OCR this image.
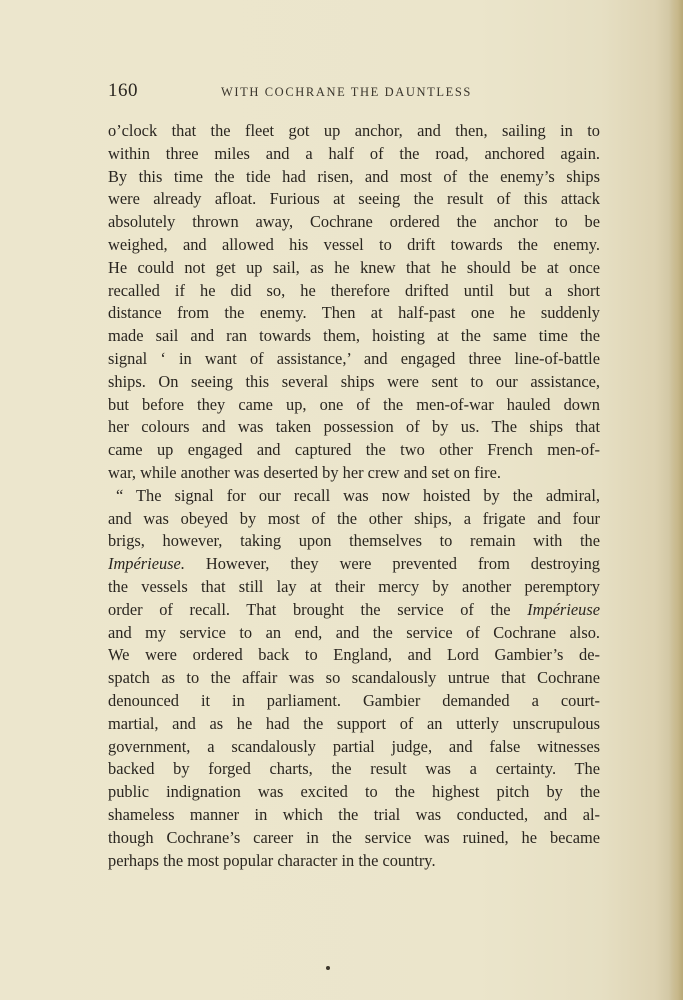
160	WITH COCHRANE THE DAUNTLESS
o’clock that the fleet got up anchor, and then, sailing in to
within three miles and a half of the road, anchored again.
By this time the tide had risen, and most of the enemy’s ships
were already afloat. Furious at seeing the result of this attack
absolutely thrown away, Cochrane ordered the anchor to be
weighed, and allowed his vessel to drift towards the enemy.
He could not get up sail, as he knew that he should be at once
recalled if he did so, he therefore drifted until but a short
distance from the enemy. Then at half-past one he suddenly
made sail and ran towards them, hoisting at the same time the
signal ‘ in want of assistance,’ and engaged three line-of-battle
ships. On seeing this several ships were sent to our assistance,
but before they came up, one of the men-of-war hauled down
her colours and was taken possession of by us. The ships that
came up engaged and captured the two other French men-of-
war, while another was deserted by her crew and set on fire.
“ The signal for our recall was now hoisted by the admiral,
and was obeyed by most of the other ships, a frigate and four
brigs, however, taking upon themselves to remain with the
Impérieuse. However, they were prevented from destroying
the vessels that still lay at their mercy by another peremptory
order of recall. That brought the service of the Impérieuse
and my service to an end, and the service of Cochrane also.
We were ordered back to England, and Lord Gambier’s de-
spatch as to the affair was so scandalously untrue that Cochrane
denounced it in parliament. Gambier demanded a court-
martial, and as he had the support of an utterly unscrupulous
government, a scandalously partial judge, and false witnesses
backed by forged charts, the result was a certainty. The
public indignation was excited to the highest pitch by the
shameless manner in which the trial was conducted, and al-
though Cochrane’s career in the service was ruined, he became
perhaps the most popular character in the country.
